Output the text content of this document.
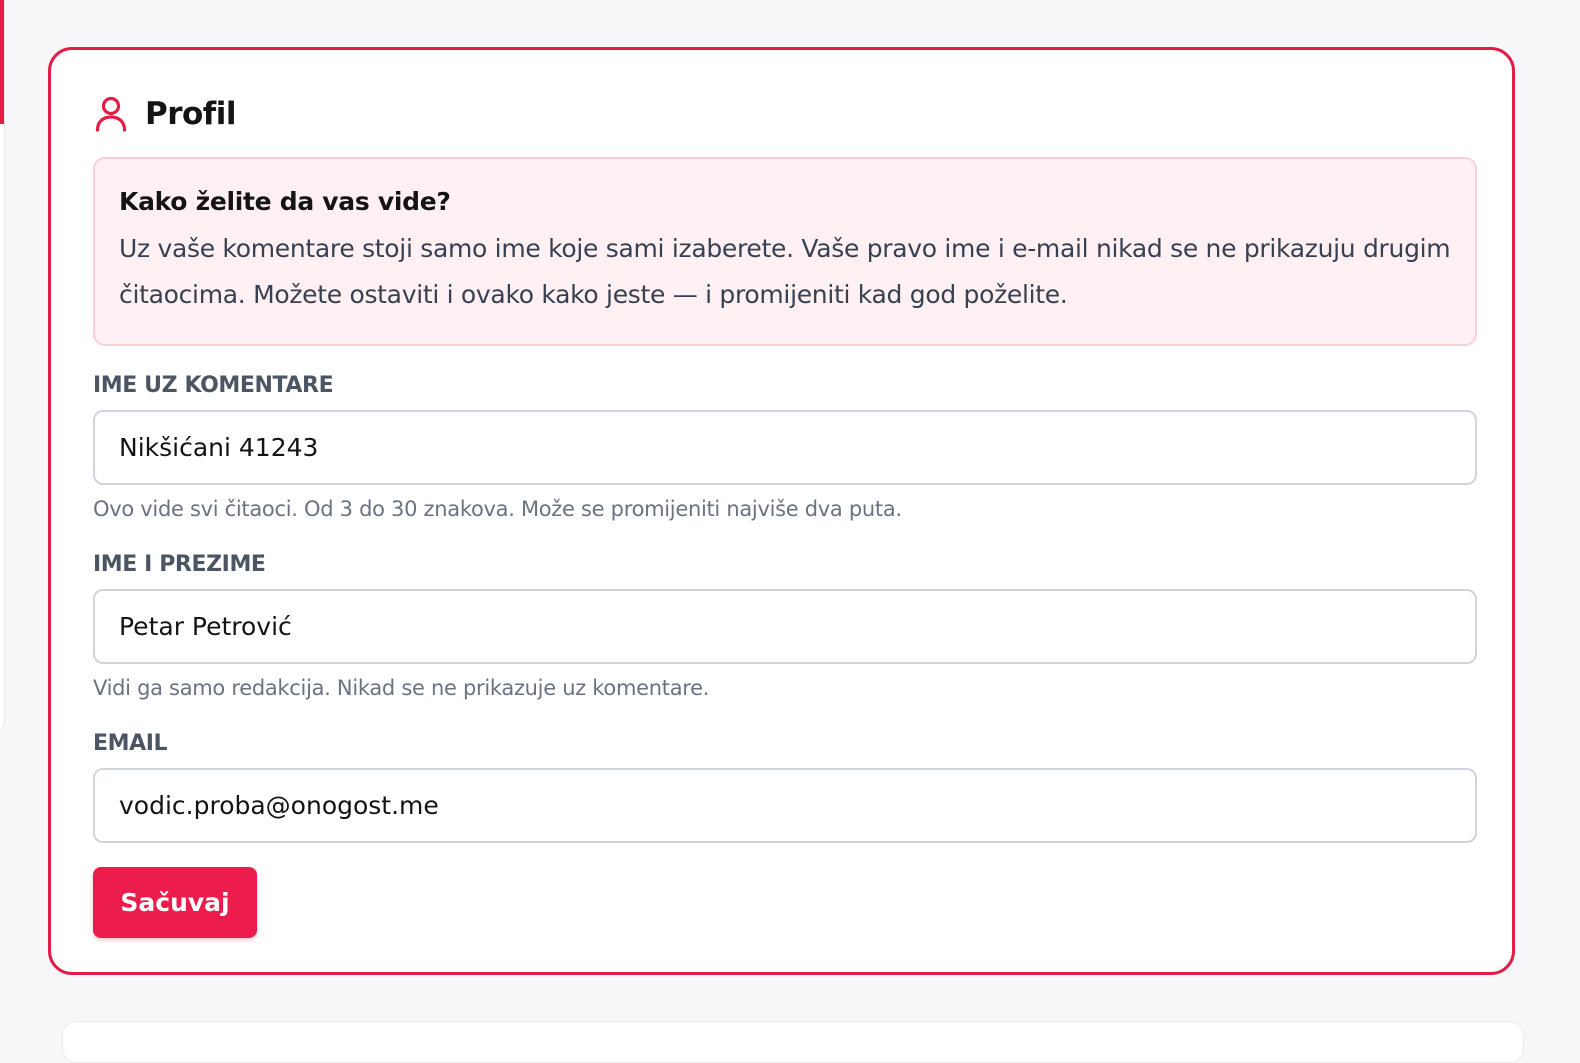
Profil
Kako želite da vas vide?
Uz vaše komentare stoji samo ime koje sami izaberete. Vaše pravo ime i e-mail nikad se ne prikazuju drugim čitaocima. Možete ostaviti i ovako kako jeste — i promijeniti kad god poželite.
IME UZ KOMENTARE
Nikšićani 41243
Ovo vide svi čitaoci. Od 3 do 30 znakova. Može se promijeniti najviše dva puta.
IME I PREZIME
Petar Petrović
Vidi ga samo redakcija. Nikad se ne prikazuje uz komentare.
EMAIL
vodic.proba@onogost.me
Sačuvaj
